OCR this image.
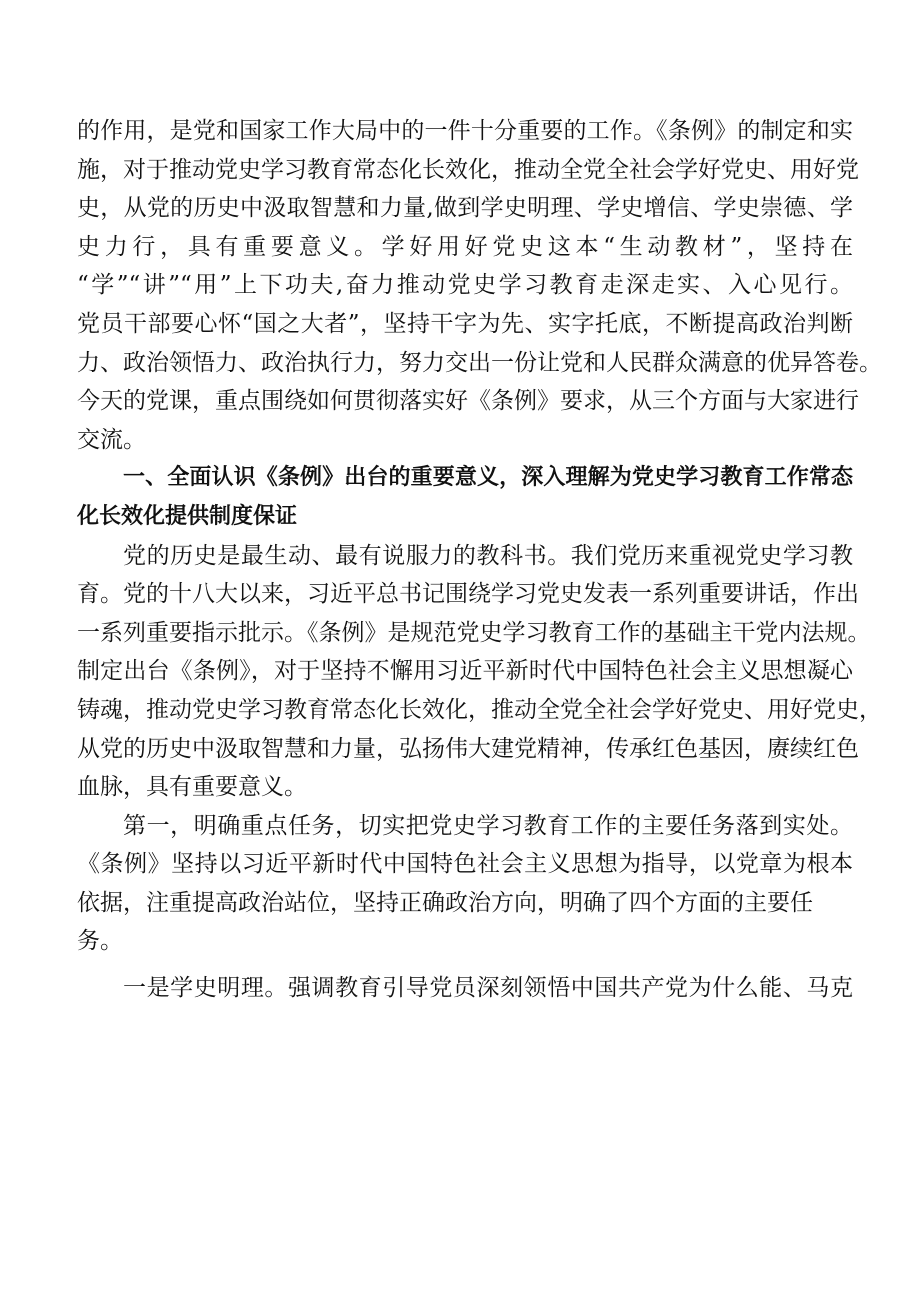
的作用，是党和国家工作大局中的一件十分重要的工作。《条例》的制定和实
施，对于推动党史学习教育常态化长效化，推动全党全社会学好党史、用好党
史，从党的历史中汲取智慧和力量,做到学史明理、学史增信、学史崇德、学
史力行，具有重要意义。学好用好党史这本“生动教材”，坚持在
“学”“讲”“用”上下功夫,奋力推动党史学习教育走深走实、入心见行。
党员干部要心怀“国之大者”，坚持干字为先、实字托底，不断提高政治判断
力、政治领悟力、政治执行力，努力交出一份让党和人民群众满意的优异答卷。
今天的党课，重点围绕如何贯彻落实好《条例》要求，从三个方面与大家进行
交流。
一、全面认识《条例》出台的重要意义，深入理解为党史学习教育工作常态
化长效化提供制度保证
党的历史是最生动、最有说服力的教科书。我们党历来重视党史学习教
育。党的十八大以来，习近平总书记围绕学习党史发表一系列重要讲话，作出
一系列重要指示批示。《条例》是规范党史学习教育工作的基础主干党内法规。
制定出台《条例》，对于坚持不懈用习近平新时代中国特色社会主义思想凝心
铸魂，推动党史学习教育常态化长效化，推动全党全社会学好党史、用好党史，
从党的历史中汲取智慧和力量，弘扬伟大建党精神，传承红色基因，赓续红色
血脉，具有重要意义。
第一，明确重点任务，切实把党史学习教育工作的主要任务落到实处。
《条例》坚持以习近平新时代中国特色社会主义思想为指导，以党章为根本
依据，注重提高政治站位，坚持正确政治方向，明确了四个方面的主要任
务。
一是学史明理。强调教育引导党员深刻领悟中国共产党为什么能、马克
